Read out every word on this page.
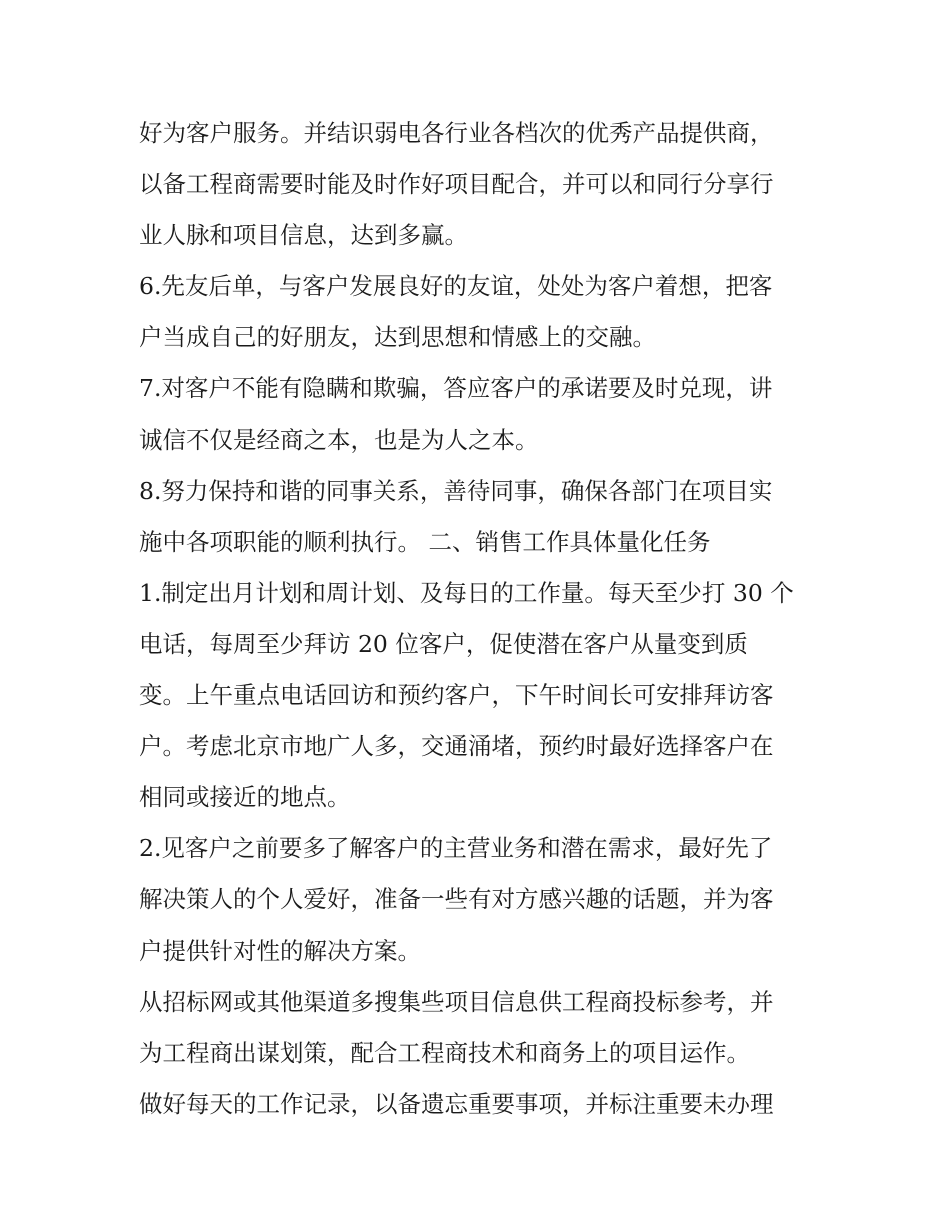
好为客户服务。并结识弱电各行业各档次的优秀产品提供商，
以备工程商需要时能及时作好项目配合，并可以和同行分享行
业人脉和项目信息，达到多赢。
6.先友后单，与客户发展良好的友谊，处处为客户着想，把客
户当成自己的好朋友，达到思想和情感上的交融。
7.对客户不能有隐瞒和欺骗，答应客户的承诺要及时兑现，讲
诚信不仅是经商之本，也是为人之本。
8.努力保持和谐的同事关系，善待同事，确保各部门在项目实
施中各项职能的顺利执行。 二、销售工作具体量化任务
1.制定出月计划和周计划、及每日的工作量。每天至少打 30 个
电话，每周至少拜访 20 位客户，促使潜在客户从量变到质
变。上午重点电话回访和预约客户，下午时间长可安排拜访客
户。考虑北京市地广人多，交通涌堵，预约时最好选择客户在
相同或接近的地点。
2.见客户之前要多了解客户的主营业务和潜在需求，最好先了
解决策人的个人爱好，准备一些有对方感兴趣的话题，并为客
户提供针对性的解决方案。
从招标网或其他渠道多搜集些项目信息供工程商投标参考，并
为工程商出谋划策，配合工程商技术和商务上的项目运作。
做好每天的工作记录，以备遗忘重要事项，并标注重要未办理
